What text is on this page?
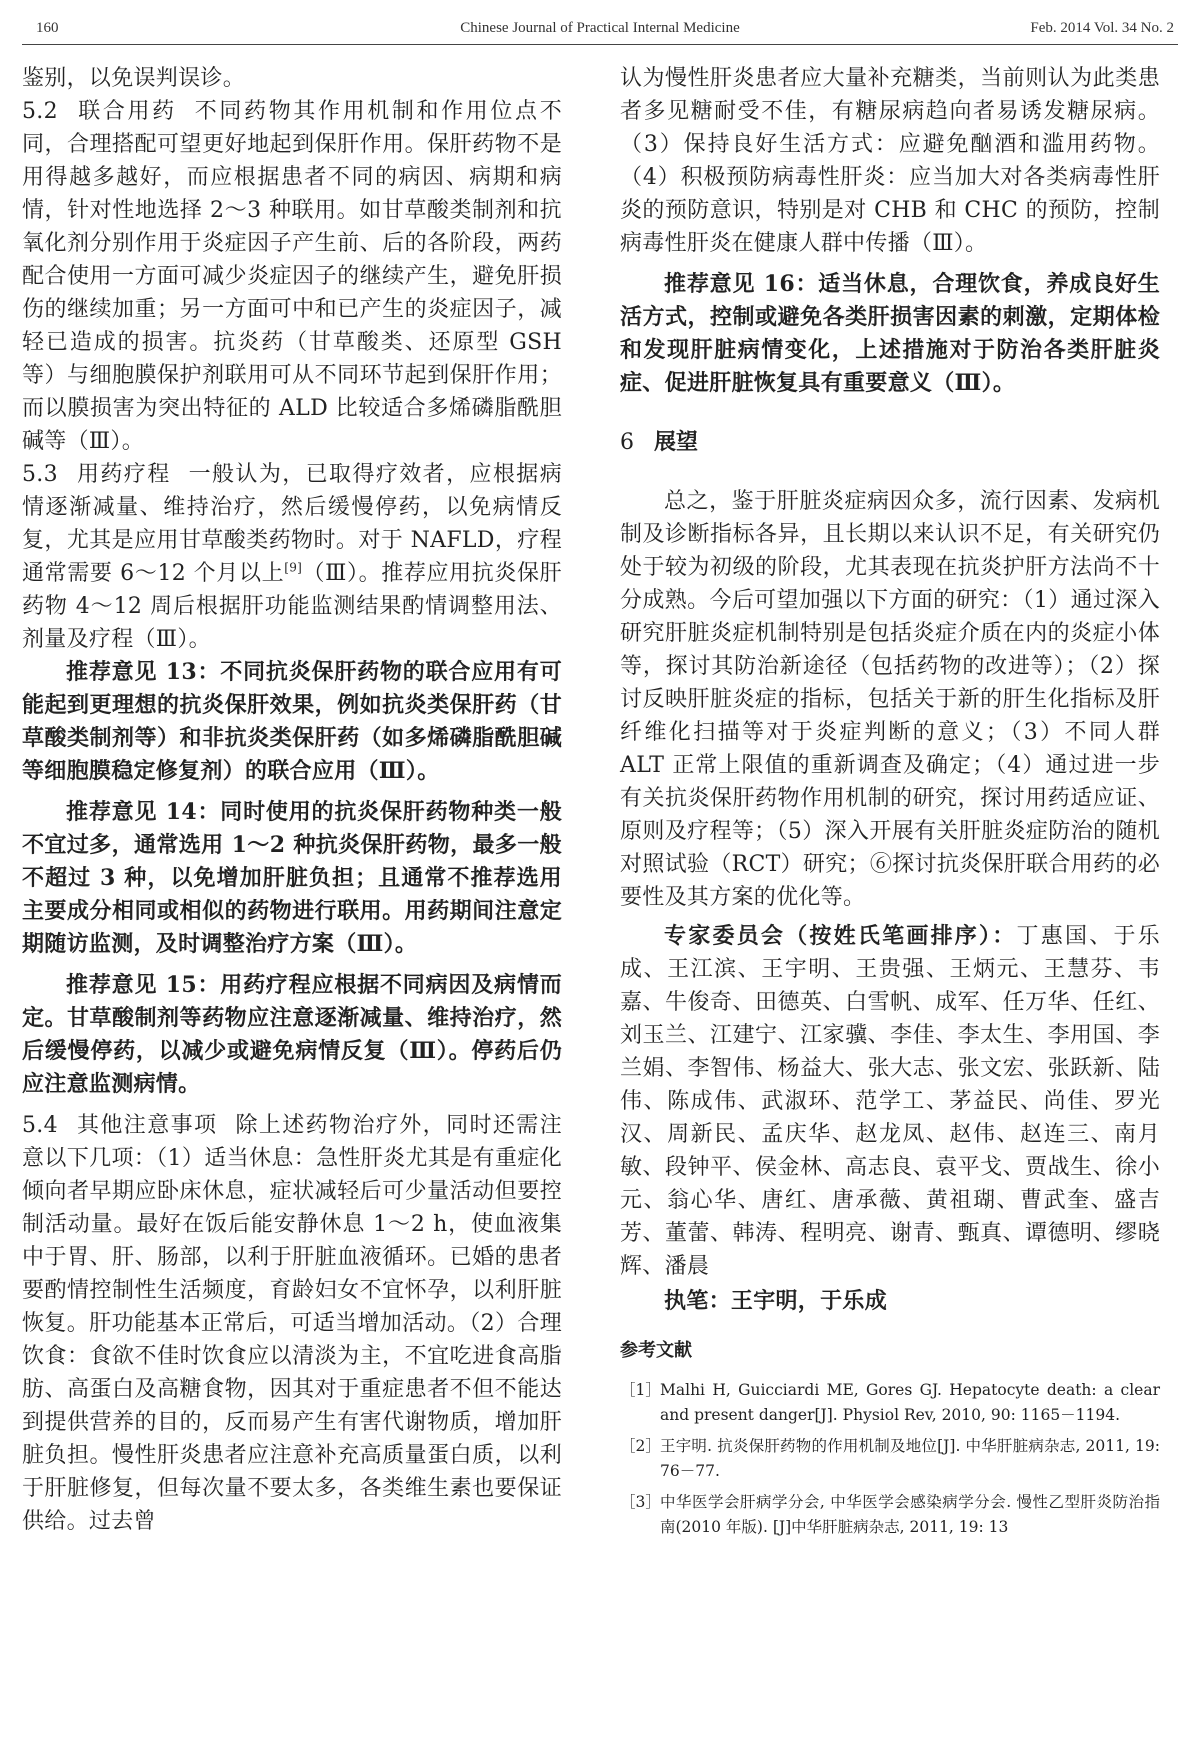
160	Chinese Journal of Practical Internal Medicine	Feb. 2014 Vol. 34 No. 2

鉴别，以免误判误诊。

5.2 联合用药 不同药物其作用机制和作用位点不同，合理搭配可望更好地起到保肝作用。保肝药物不是用得越多越好，而应根据患者不同的病因、病期和病情，针对性地选择 2～3 种联用。如甘草酸类制剂和抗氧化剂分别作用于炎症因子产生前、后的各阶段，两药配合使用一方面可减少炎症因子的继续产生，避免肝损伤的继续加重；另一方面可中和已产生的炎症因子，减轻已造成的损害。抗炎药（甘草酸类、还原型 GSH 等）与细胞膜保护剂联用可从不同环节起到保肝作用；而以膜损害为突出特征的 ALD 比较适合多烯磷脂酰胆碱等（Ⅲ）。

5.3 用药疗程 一般认为，已取得疗效者，应根据病情逐渐减量、维持治疗，然后缓慢停药，以免病情反复，尤其是应用甘草酸类药物时。对于 NAFLD，疗程通常需要 6～12 个月以上[9]（Ⅲ）。推荐应用抗炎保肝药物 4～12 周后根据肝功能监测结果酌情调整用法、剂量及疗程（Ⅲ）。

推荐意见 13：不同抗炎保肝药物的联合应用有可能起到更理想的抗炎保肝效果，例如抗炎类保肝药（甘草酸类制剂等）和非抗炎类保肝药（如多烯磷脂酰胆碱等细胞膜稳定修复剂）的联合应用（Ⅲ）。

推荐意见 14：同时使用的抗炎保肝药物种类一般不宜过多，通常选用 1～2 种抗炎保肝药物，最多一般不超过 3 种，以免增加肝脏负担；且通常不推荐选用主要成分相同或相似的药物进行联用。用药期间注意定期随访监测，及时调整治疗方案（Ⅲ）。

推荐意见 15：用药疗程应根据不同病因及病情而定。甘草酸制剂等药物应注意逐渐减量、维持治疗，然后缓慢停药，以减少或避免病情反复（Ⅲ）。停药后仍应注意监测病情。

5.4 其他注意事项 除上述药物治疗外，同时还需注意以下几项：（1）适当休息：急性肝炎尤其是有重症化倾向者早期应卧床休息，症状减轻后可少量活动但要控制活动量。最好在饭后能安静休息 1～2 h，使血液集中于胃、肝、肠部，以利于肝脏血液循环。已婚的患者要酌情控制性生活频度，育龄妇女不宜怀孕，以利肝脏恢复。肝功能基本正常后，可适当增加活动。（2）合理饮食：食欲不佳时饮食应以清淡为主，不宜吃进食高脂肪、高蛋白及高糖食物，因其对于重症患者不但不能达到提供营养的目的，反而易产生有害代谢物质，增加肝脏负担。慢性肝炎患者应注意补充高质量蛋白质，以利于肝脏修复，但每次量不要太多，各类维生素也要保证供给。过去曾

认为慢性肝炎患者应大量补充糖类，当前则认为此类患者多见糖耐受不佳，有糖尿病趋向者易诱发糖尿病。（3）保持良好生活方式：应避免酗酒和滥用药物。（4）积极预防病毒性肝炎：应当加大对各类病毒性肝炎的预防意识，特别是对 CHB 和 CHC 的预防，控制病毒性肝炎在健康人群中传播（Ⅲ）。

推荐意见 16：适当休息，合理饮食，养成良好生活方式，控制或避免各类肝损害因素的刺激，定期体检和发现肝脏病情变化，上述措施对于防治各类肝脏炎症、促进肝脏恢复具有重要意义（Ⅲ）。

6 展望

总之，鉴于肝脏炎症病因众多，流行因素、发病机制及诊断指标各异，且长期以来认识不足，有关研究仍处于较为初级的阶段，尤其表现在抗炎护肝方法尚不十分成熟。今后可望加强以下方面的研究：（1）通过深入研究肝脏炎症机制特别是包括炎症介质在内的炎症小体等，探讨其防治新途径（包括药物的改进等）；（2）探讨反映肝脏炎症的指标，包括关于新的肝生化指标及肝纤维化扫描等对于炎症判断的意义；（3）不同人群 ALT 正常上限值的重新调查及确定；（4）通过进一步有关抗炎保肝药物作用机制的研究，探讨用药适应证、原则及疗程等；（5）深入开展有关肝脏炎症防治的随机对照试验（RCT）研究；⑥探讨抗炎保肝联合用药的必要性及其方案的优化等。

专家委员会（按姓氏笔画排序）：丁惠国、于乐成、王江滨、王宇明、王贵强、王炳元、王慧芬、韦嘉、牛俊奇、田德英、白雪帆、成军、任万华、任红、刘玉兰、江建宁、江家骥、李佳、李太生、李用国、李兰娟、李智伟、杨益大、张大志、张文宏、张跃新、陆伟、陈成伟、武淑环、范学工、茅益民、尚佳、罗光汉、周新民、孟庆华、赵龙凤、赵伟、赵连三、南月敏、段钟平、侯金林、高志良、袁平戈、贾战生、徐小元、翁心华、唐红、唐承薇、黄祖瑚、曹武奎、盛吉芳、董蕾、韩涛、程明亮、谢青、甄真、谭德明、缪晓辉、潘晨

执笔：王宇明，于乐成

参考文献
［1］ Malhi H, Guicciardi ME, Gores GJ. Hepatocyte death: a clear and present danger[J]. Physiol Rev, 2010, 90: 1165－1194.
［2］ 王宇明. 抗炎保肝药物的作用机制及地位[J]. 中华肝脏病杂志, 2011, 19: 76－77.
［3］ 中华医学会肝病学分会, 中华医学会感染病学分会. 慢性乙型肝炎防治指南(2010 年版). [J]中华肝脏病杂志, 2011, 19: 13
